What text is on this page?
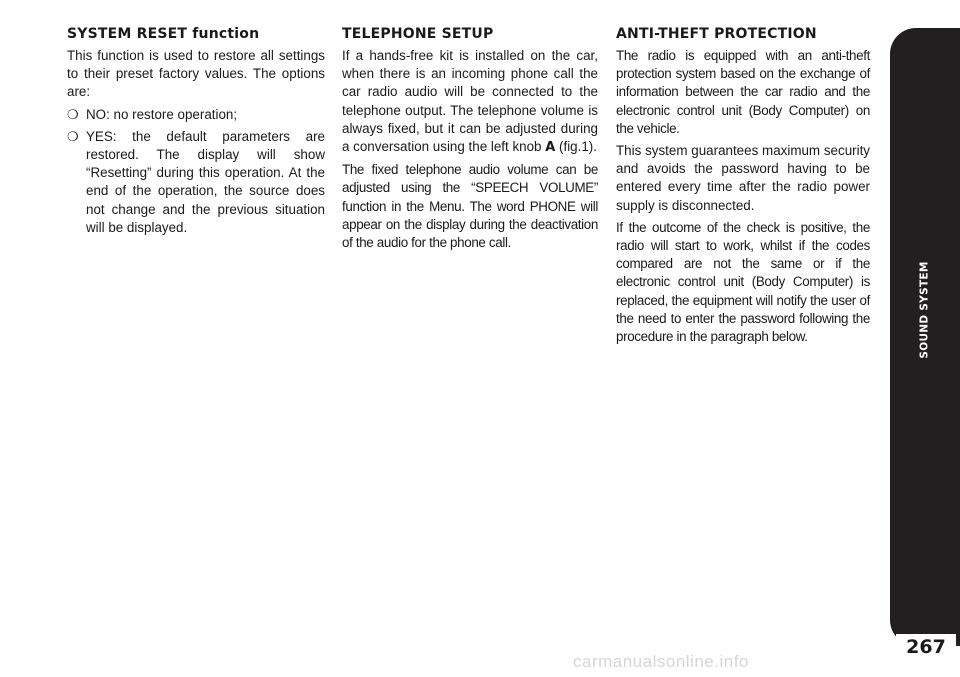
SYSTEM RESET function

This function is used to restore all settings to their preset factory values. The options are:

❍ NO: no restore operation;

❍ YES: the default parameters are restored. The display will show “Resetting” during this operation. At the end of the operation, the source does not change and the previous situation will be displayed.

TELEPHONE SETUP

If a hands-free kit is installed on the car, when there is an incoming phone call the car radio audio will be connected to the telephone output. The telephone volume is always fixed, but it can be adjusted during a conversation using the left knob A (fig.1).

The fixed telephone audio volume can be adjusted using the “SPEECH VOLUME” function in the Menu. The word PHONE will appear on the display during the deactivation of the audio for the phone call.

ANTI-THEFT PROTECTION

The radio is equipped with an anti-theft protection system based on the exchange of information between the car radio and the electronic control unit (Body Computer) on the vehicle.

This system guarantees maximum security and avoids the password having to be entered every time after the radio power supply is disconnected.

If the outcome of the check is positive, the radio will start to work, whilst if the codes compared are not the same or if the electronic control unit (Body Computer) is replaced, the equipment will notify the user of the need to enter the password following the procedure in the paragraph below.	SOUND SYSTEM
267
carmanualsonline.info
